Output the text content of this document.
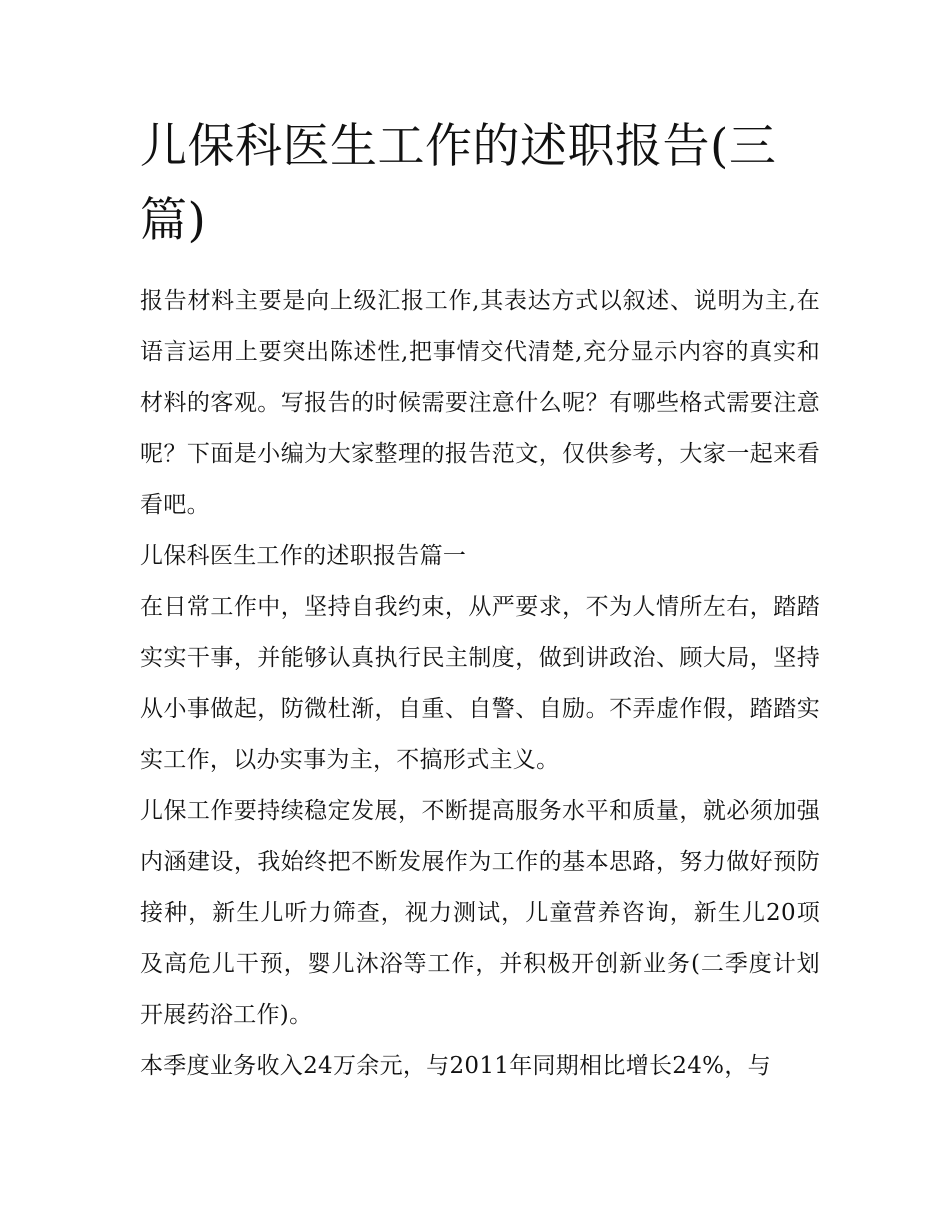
儿保科医生工作的述职报告(三篇)

报告材料主要是向上级汇报工作,其表达方式以叙述、说明为主,在语言运用上要突出陈述性,把事情交代清楚,充分显示内容的真实和材料的客观。写报告的时候需要注意什么呢？有哪些格式需要注意呢？下面是小编为大家整理的报告范文，仅供参考，大家一起来看看吧。

儿保科医生工作的述职报告篇一

在日常工作中，坚持自我约束，从严要求，不为人情所左右，踏踏实实干事，并能够认真执行民主制度，做到讲政治、顾大局，坚持从小事做起，防微杜渐，自重、自警、自励。不弄虚作假，踏踏实实工作，以办实事为主，不搞形式主义。

儿保工作要持续稳定发展，不断提高服务水平和质量，就必须加强内涵建设，我始终把不断发展作为工作的基本思路，努力做好预防接种，新生儿听力筛查，视力测试，儿童营养咨询，新生儿20项及高危儿干预，婴儿沐浴等工作，并积极开创新业务(二季度计划开展药浴工作)。

本季度业务收入24万余元，与2011年同期相比增长24%，与
